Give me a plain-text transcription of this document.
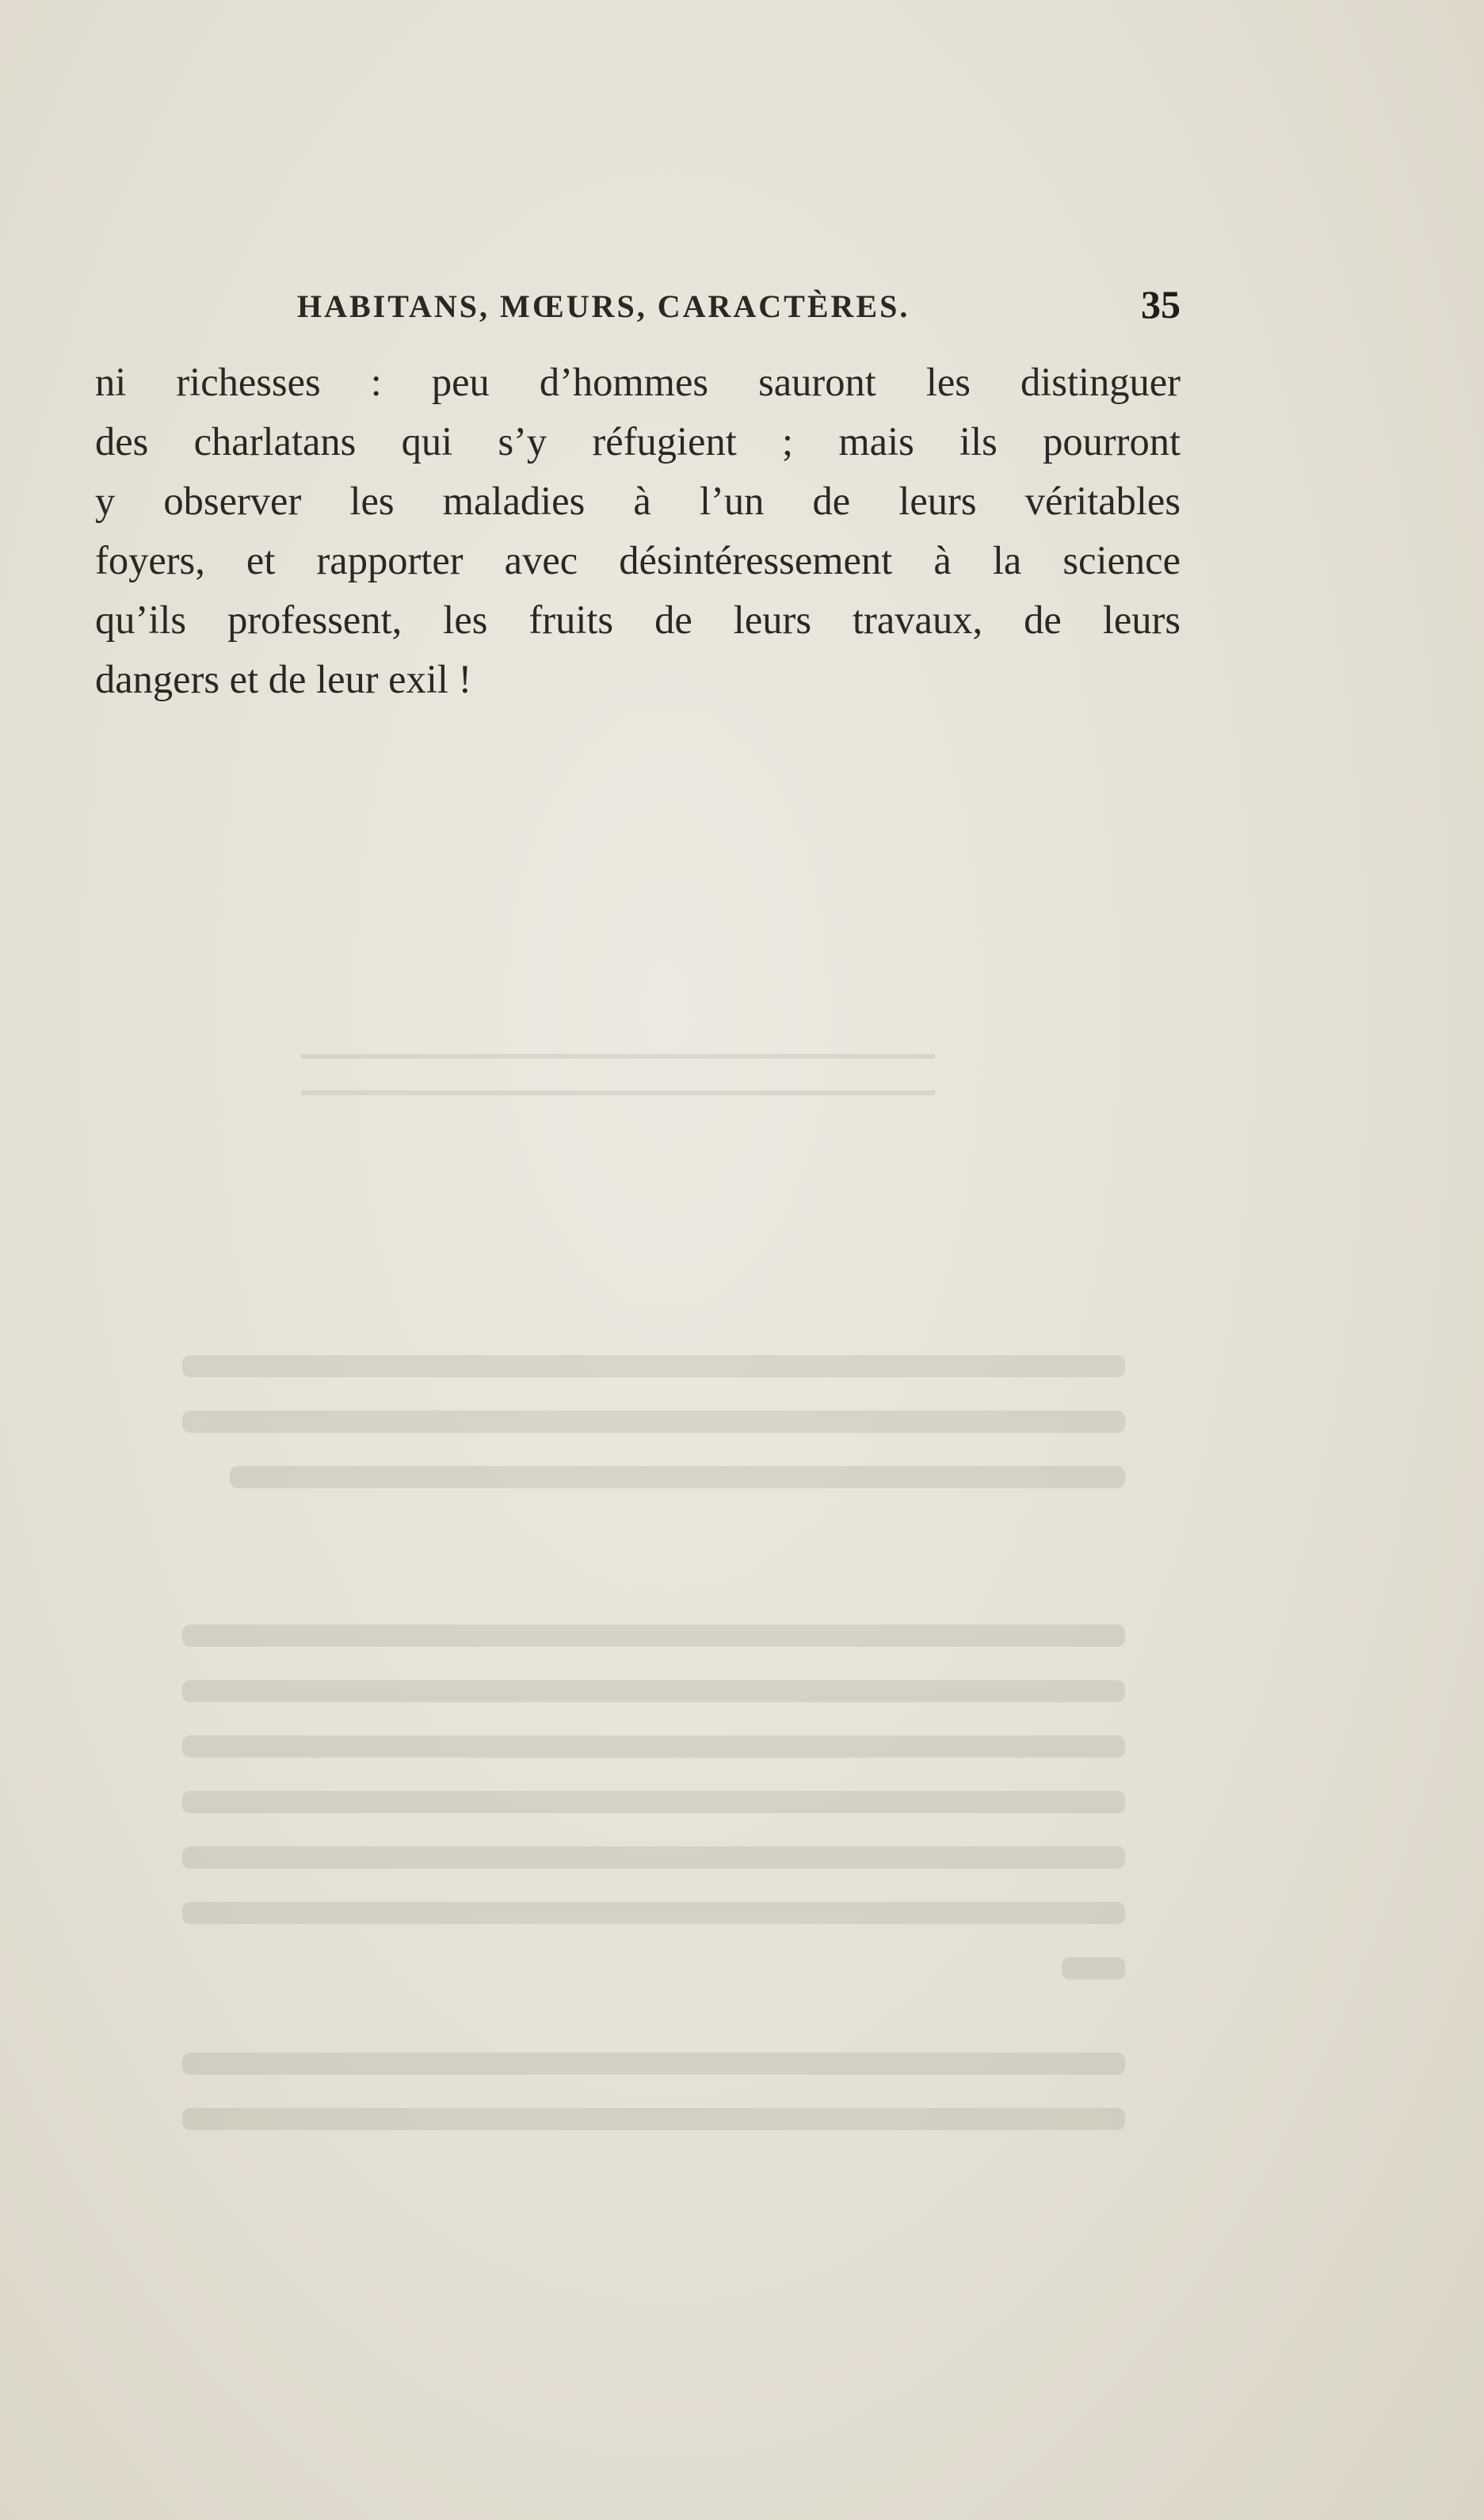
HABITANS, MŒURS, CARACTÈRES.	35
ni richesses : peu d’hommes sauront les distinguer
des charlatans qui s’y réfugient ; mais ils pourront
y observer les maladies à l’un de leurs véritables
foyers, et rapporter avec désintéressement à la science
qu’ils professent, les fruits de leurs travaux, de leurs
dangers et de leur exil !
